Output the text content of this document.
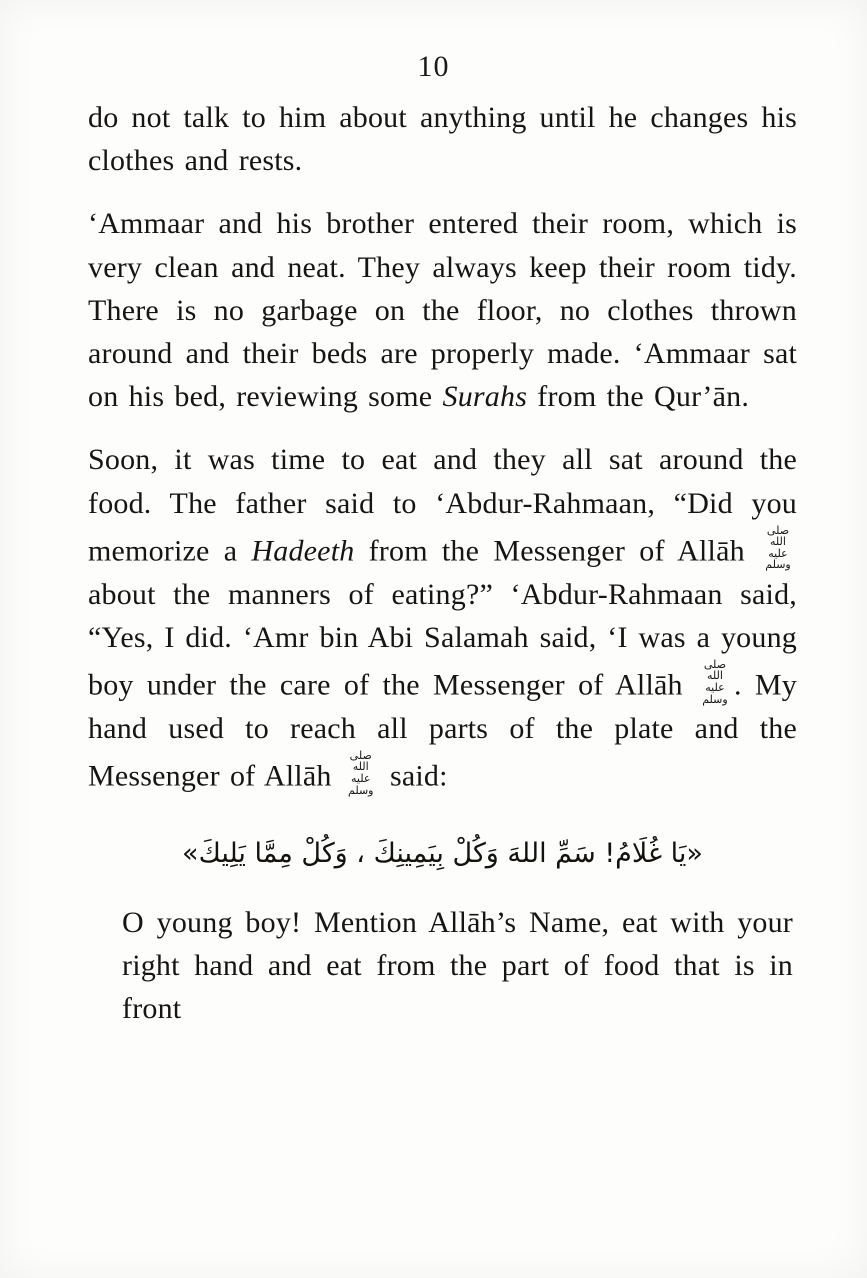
10

do not talk to him about anything until he changes his clothes and rests.

‘Ammaar and his brother entered their room, which is very clean and neat. They always keep their room tidy. There is no garbage on the floor, no clothes thrown around and their beds are properly made. ‘Ammaar sat on his bed, reviewing some Surahs from the Qur’ān.

Soon, it was time to eat and they all sat around the food. The father said to ‘Abdur-Rahmaan, “Did you memorize a Hadeeth from the Messenger of Allāh صلى الله عليه وسلم about the manners of eating?” ‘Abdur-Rahmaan said, “Yes, I did. ‘Amr bin Abi Salamah said, ‘I was a young boy under the care of the Messenger of Allāh صلى الله عليه وسلم . My hand used to reach all parts of the plate and the Messenger of Allāh صلى الله عليه وسلم said:

«يَا غُلَامُ! سَمِّ اللهَ وَكُلْ بِيَمِينِكَ ، وَكُلْ مِمَّا يَلِيكَ»

O young boy! Mention Allāh’s Name, eat with your right hand and eat from the part of food that is in front
